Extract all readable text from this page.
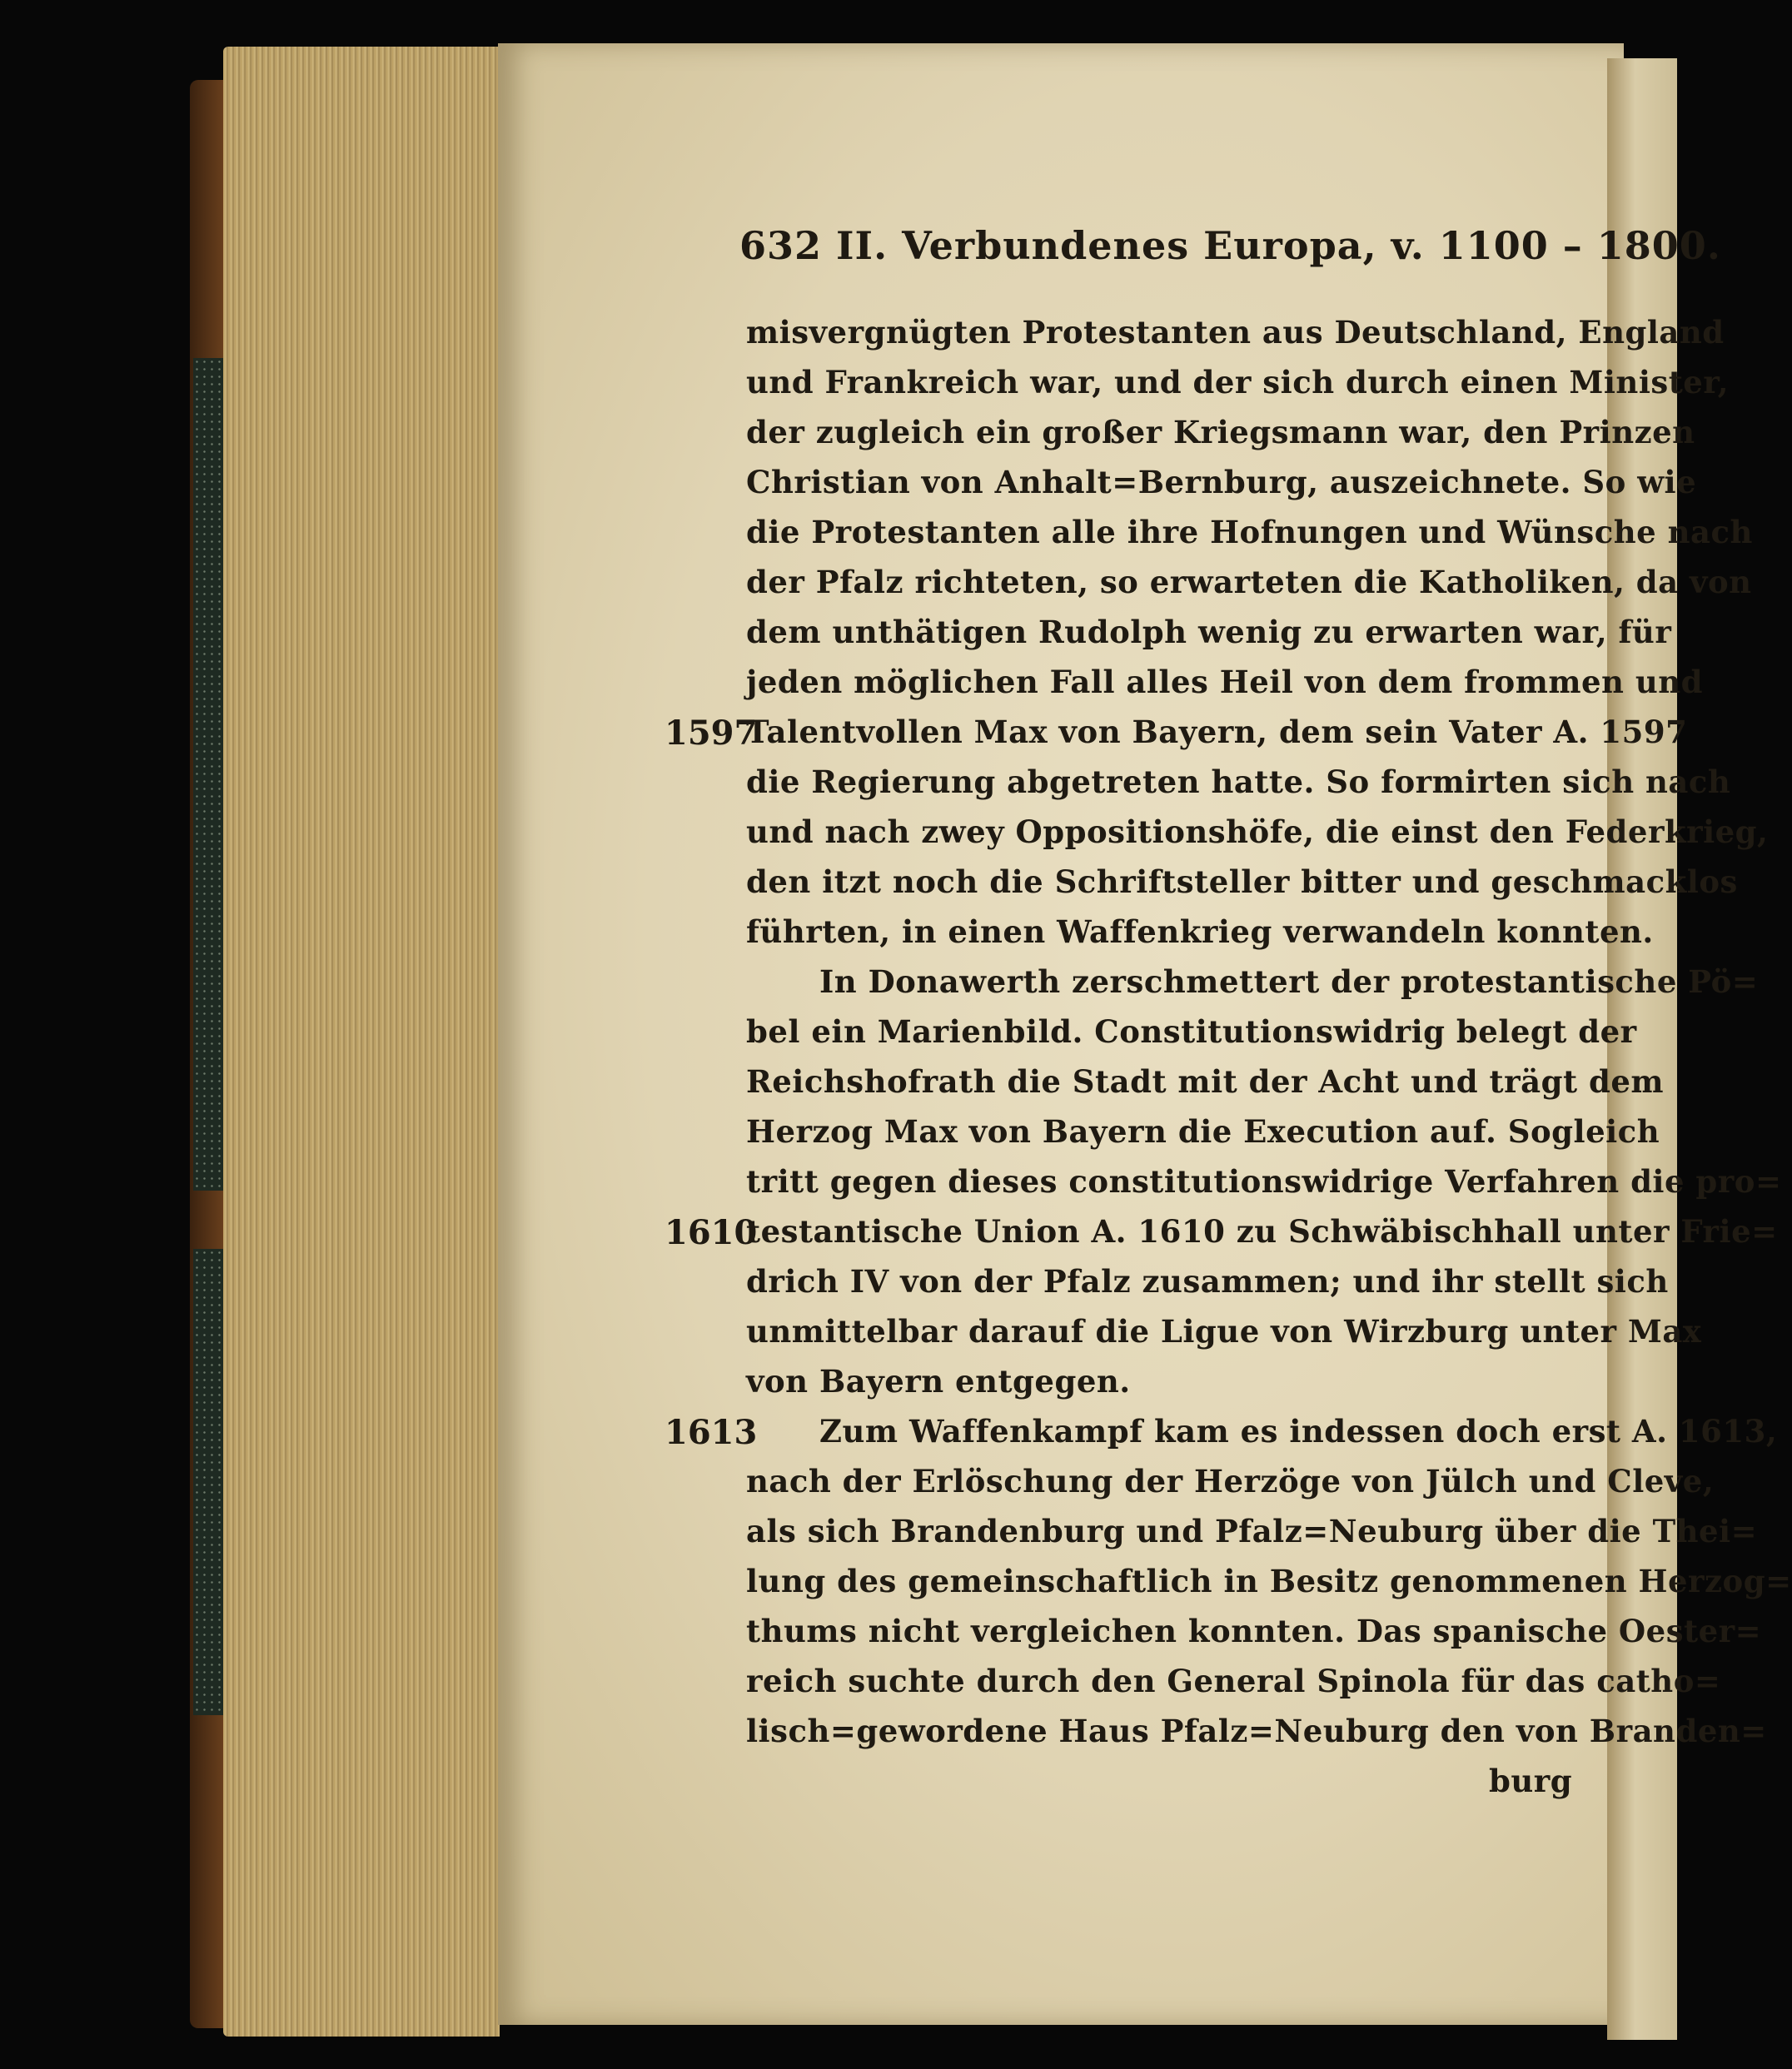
632 II. Verbundenes Europa, v. 1100 – 1800.
misvergnügten Protestanten aus Deutschland, England
und Frankreich war, und der sich durch einen Minister,
der zugleich ein großer Kriegsmann war, den Prinzen
Christian von Anhalt=Bernburg, auszeichnete. So wie
die Protestanten alle ihre Hofnungen und Wünsche nach
der Pfalz richteten, so erwarteten die Katholiken, da von
dem unthätigen Rudolph wenig zu erwarten war, für
jeden möglichen Fall alles Heil von dem frommen und
Talentvollen Max von Bayern, dem sein Vater A. 1597
die Regierung abgetreten hatte. So formirten sich nach
und nach zwey Oppositionshöfe, die einst den Federkrieg,
den itzt noch die Schriftsteller bitter und geschmacklos
führten, in einen Waffenkrieg verwandeln konnten.
In Donawerth zerschmettert der protestantische Pö=
bel ein Marienbild. Constitutionswidrig belegt der
Reichshofrath die Stadt mit der Acht und trägt dem
Herzog Max von Bayern die Execution auf. Sogleich
tritt gegen dieses constitutionswidrige Verfahren die pro=
testantische Union A. 1610 zu Schwäbischhall unter Frie=
drich IV von der Pfalz zusammen; und ihr stellt sich
unmittelbar darauf die Ligue von Wirzburg unter Max
von Bayern entgegen.
Zum Waffenkampf kam es indessen doch erst A. 1613,
nach der Erlöschung der Herzöge von Jülch und Cleve,
als sich Brandenburg und Pfalz=Neuburg über die Thei=
lung des gemeinschaftlich in Besitz genommenen Herzog=
thums nicht vergleichen konnten. Das spanische Oester=
reich suchte durch den General Spinola für das catho=
lisch=gewordene Haus Pfalz=Neuburg den von Branden=
burg
1597
1610
1613
